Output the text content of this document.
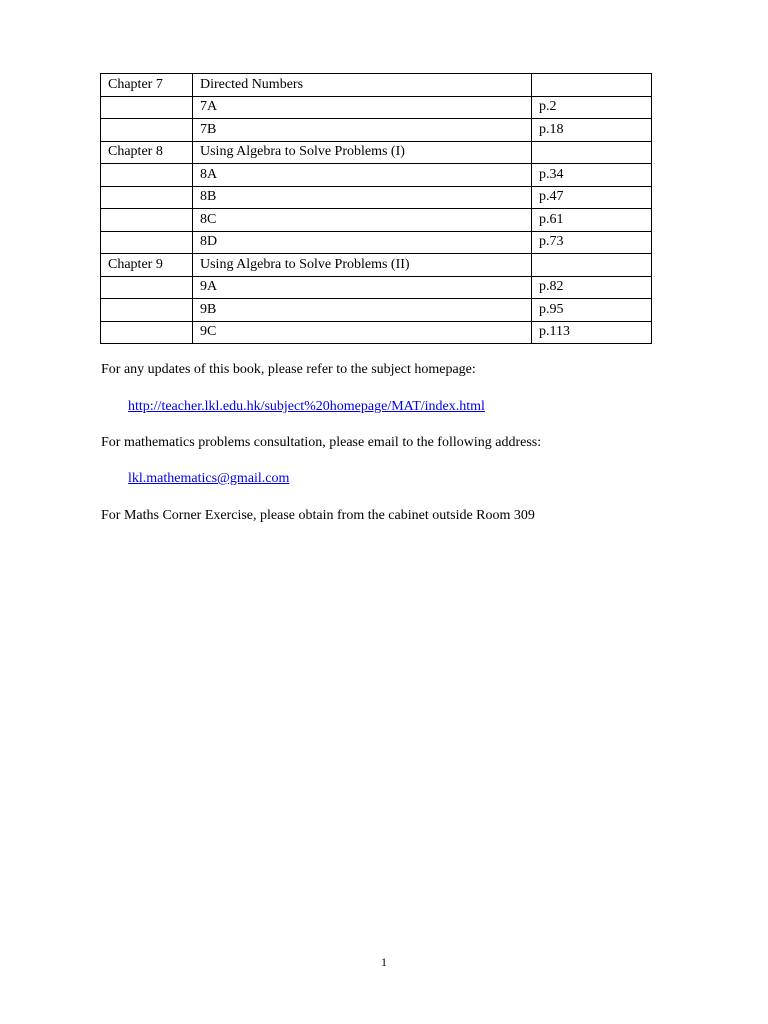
Chapter 7	Directed Numbers	
	7A	p.2
	7B	p.18
Chapter 8	Using Algebra to Solve Problems (I)	
	8A	p.34
	8B	p.47
	8C	p.61
	8D	p.73
Chapter 9	Using Algebra to Solve Problems (II)	
	9A	p.82
	9B	p.95
	9C	p.113

For any updates of this book, please refer to the subject homepage:

http://teacher.lkl.edu.hk/subject%20homepage/MAT/index.html

For mathematics problems consultation, please email to the following address:

lkl.mathematics@gmail.com

For Maths Corner Exercise, please obtain from the cabinet outside Room 309

1
